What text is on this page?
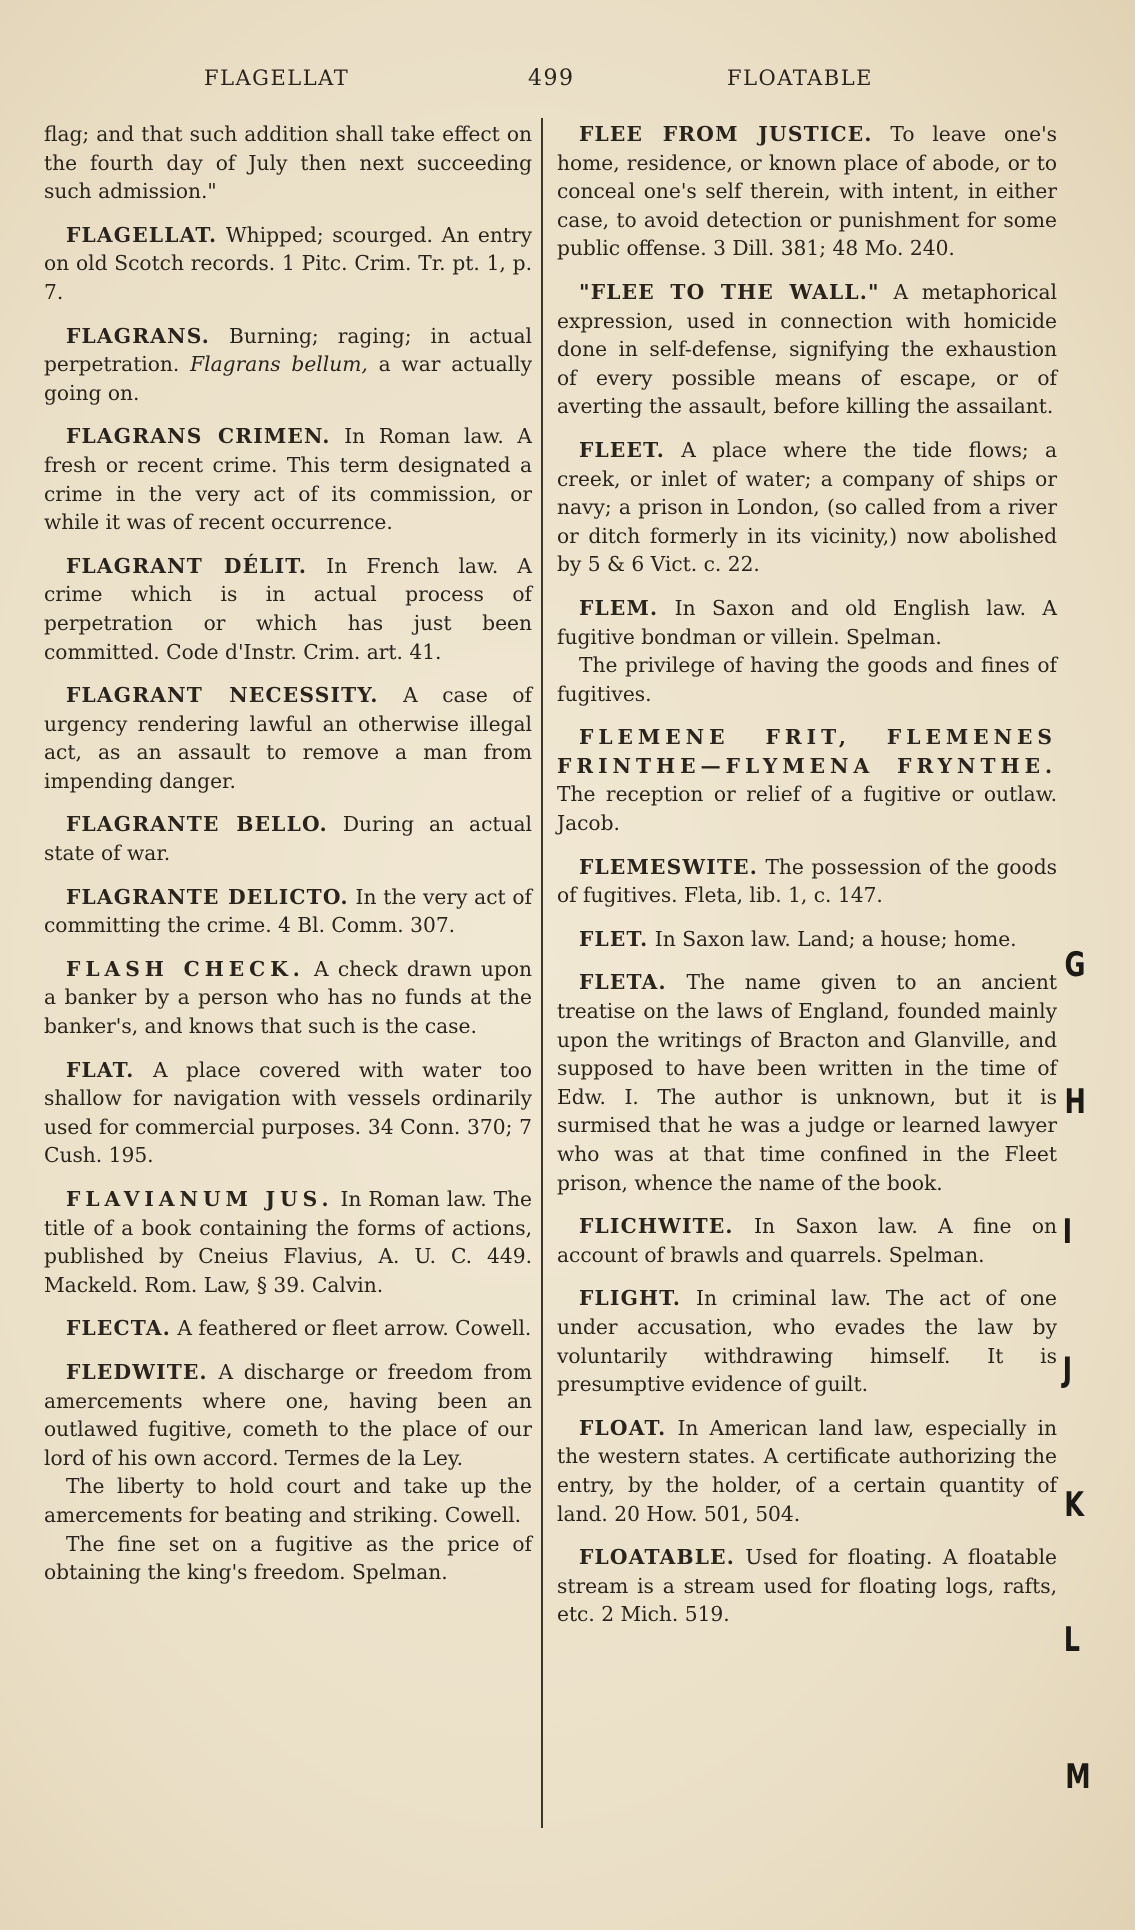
FLAGELLAT	499	FLOATABLE
flag; and that such addition shall take effect on the fourth day of July then next succeeding such admission."
FLAGELLAT. Whipped; scourged. An entry on old Scotch records. 1 Pitc. Crim. Tr. pt. 1, p. 7.
FLAGRANS. Burning; raging; in actual perpetration. Flagrans bellum, a war actually going on.
FLAGRANS CRIMEN. In Roman law. A fresh or recent crime. This term designated a crime in the very act of its commission, or while it was of recent occurrence.
FLAGRANT DÉLIT. In French law. A crime which is in actual process of perpetration or which has just been committed. Code d'Instr. Crim. art. 41.
FLAGRANT NECESSITY. A case of urgency rendering lawful an otherwise illegal act, as an assault to remove a man from impending danger.
FLAGRANTE BELLO. During an actual state of war.
FLAGRANTE DELICTO. In the very act of committing the crime. 4 Bl. Comm. 307.
FLASH CHECK. A check drawn upon a banker by a person who has no funds at the banker's, and knows that such is the case.
FLAT. A place covered with water too shallow for navigation with vessels ordinarily used for commercial purposes. 34 Conn. 370; 7 Cush. 195.
FLAVIANUM JUS. In Roman law. The title of a book containing the forms of actions, published by Cneius Flavius, A. U. C. 449. Mackeld. Rom. Law, § 39. Calvin.
FLECTA. A feathered or fleet arrow. Cowell.

FLEDWITE. A discharge or freedom from amercements where one, having been an outlawed fugitive, cometh to the place of our lord of his own accord. Termes de la Ley.

The liberty to hold court and take up the amercements for beating and striking. Cowell.

The fine set on a fugitive as the price of obtaining the king's freedom. Spelman.

FLEE FROM JUSTICE. To leave one's home, residence, or known place of abode, or to conceal one's self therein, with intent, in either case, to avoid detection or punishment for some public offense. 3 Dill. 381; 48 Mo. 240.
"FLEE TO THE WALL." A metaphorical expression, used in connection with homicide done in self-defense, signifying the exhaustion of every possible means of escape, or of averting the assault, before killing the assailant.
FLEET. A place where the tide flows; a creek, or inlet of water; a company of ships or navy; a prison in London, (so called from a river or ditch formerly in its vicinity,) now abolished by 5 & 6 Vict. c. 22.

FLEM. In Saxon and old English law. A fugitive bondman or villein. Spelman.

The privilege of having the goods and fines of fugitives.

FLEMENE FRIT, FLEMENES FRINTHE—FLYMENA FRYNTHE. The reception or relief of a fugitive or outlaw. Jacob.
FLEMESWITE. The possession of the goods of fugitives. Fleta, lib. 1, c. 147.
FLET. In Saxon law. Land; a house; home.
FLETA. The name given to an ancient treatise on the laws of England, founded mainly upon the writings of Bracton and Glanville, and supposed to have been written in the time of Edw. I. The author is unknown, but it is surmised that he was a judge or learned lawyer who was at that time confined in the Fleet prison, whence the name of the book.
FLICHWITE. In Saxon law. A fine on account of brawls and quarrels. Spelman.
FLIGHT. In criminal law. The act of one under accusation, who evades the law by voluntarily withdrawing himself. It is presumptive evidence of guilt.
FLOAT. In American land law, especially in the western states. A certificate authorizing the entry, by the holder, of a certain quantity of land. 20 How. 501, 504.
FLOATABLE. Used for floating. A floatable stream is a stream used for floating logs, rafts, etc. 2 Mich. 519.
G
H
I
J
K
L
M
